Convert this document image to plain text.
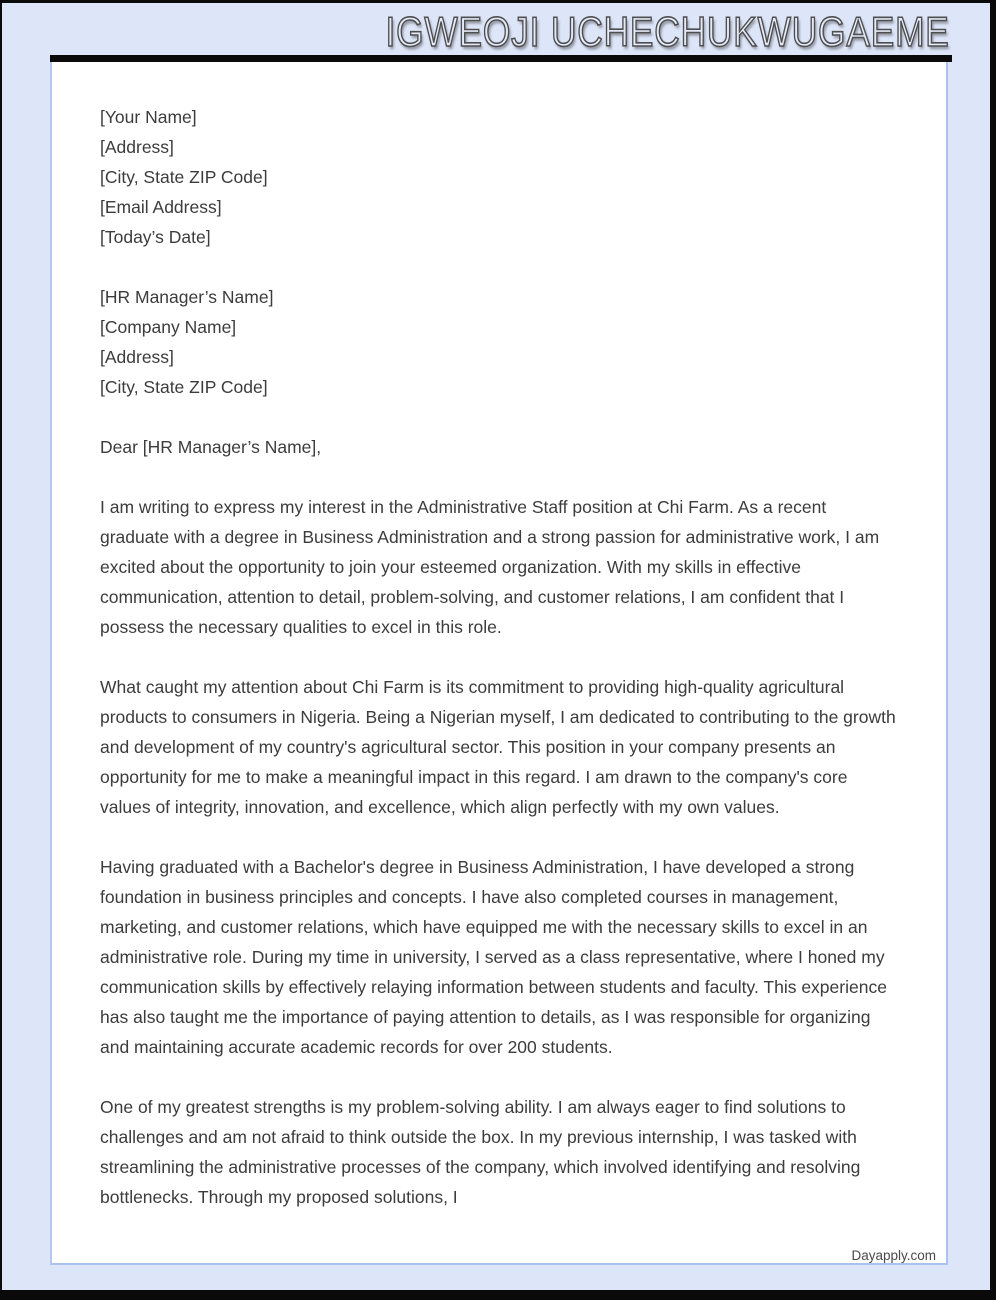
IGWEOJI UCHECHUKWUGAEME
[Your Name]
[Address]
[City, State ZIP Code]
[Email Address]
[Today’s Date]
[HR Manager’s Name]
[Company Name]
[Address]
[City, State ZIP Code]
Dear [HR Manager’s Name],

I am writing to express my interest in the Administrative Staff position at Chi Farm. As a recent graduate with a degree in Business Administration and a strong passion for administrative work, I am excited about the opportunity to join your esteemed organization. With my skills in effective communication, attention to detail, problem-solving, and customer relations, I am confident that I possess the necessary qualities to excel in this role.

What caught my attention about Chi Farm is its commitment to providing high-quality agricultural products to consumers in Nigeria. Being a Nigerian myself, I am dedicated to contributing to the growth and development of my country's agricultural sector. This position in your company presents an opportunity for me to make a meaningful impact in this regard. I am drawn to the company's core values of integrity, innovation, and excellence, which align perfectly with my own values.

Having graduated with a Bachelor's degree in Business Administration, I have developed a strong foundation in business principles and concepts. I have also completed courses in management, marketing, and customer relations, which have equipped me with the necessary skills to excel in an administrative role. During my time in university, I served as a class representative, where I honed my communication skills by effectively relaying information between students and faculty. This experience has also taught me the importance of paying attention to details, as I was responsible for organizing and maintaining accurate academic records for over 200 students.

One of my greatest strengths is my problem-solving ability. I am always eager to find solutions to challenges and am not afraid to think outside the box. In my previous internship, I was tasked with streamlining the administrative processes of the company, which involved identifying and resolving bottlenecks. Through my proposed solutions, I

Dayapply.com
